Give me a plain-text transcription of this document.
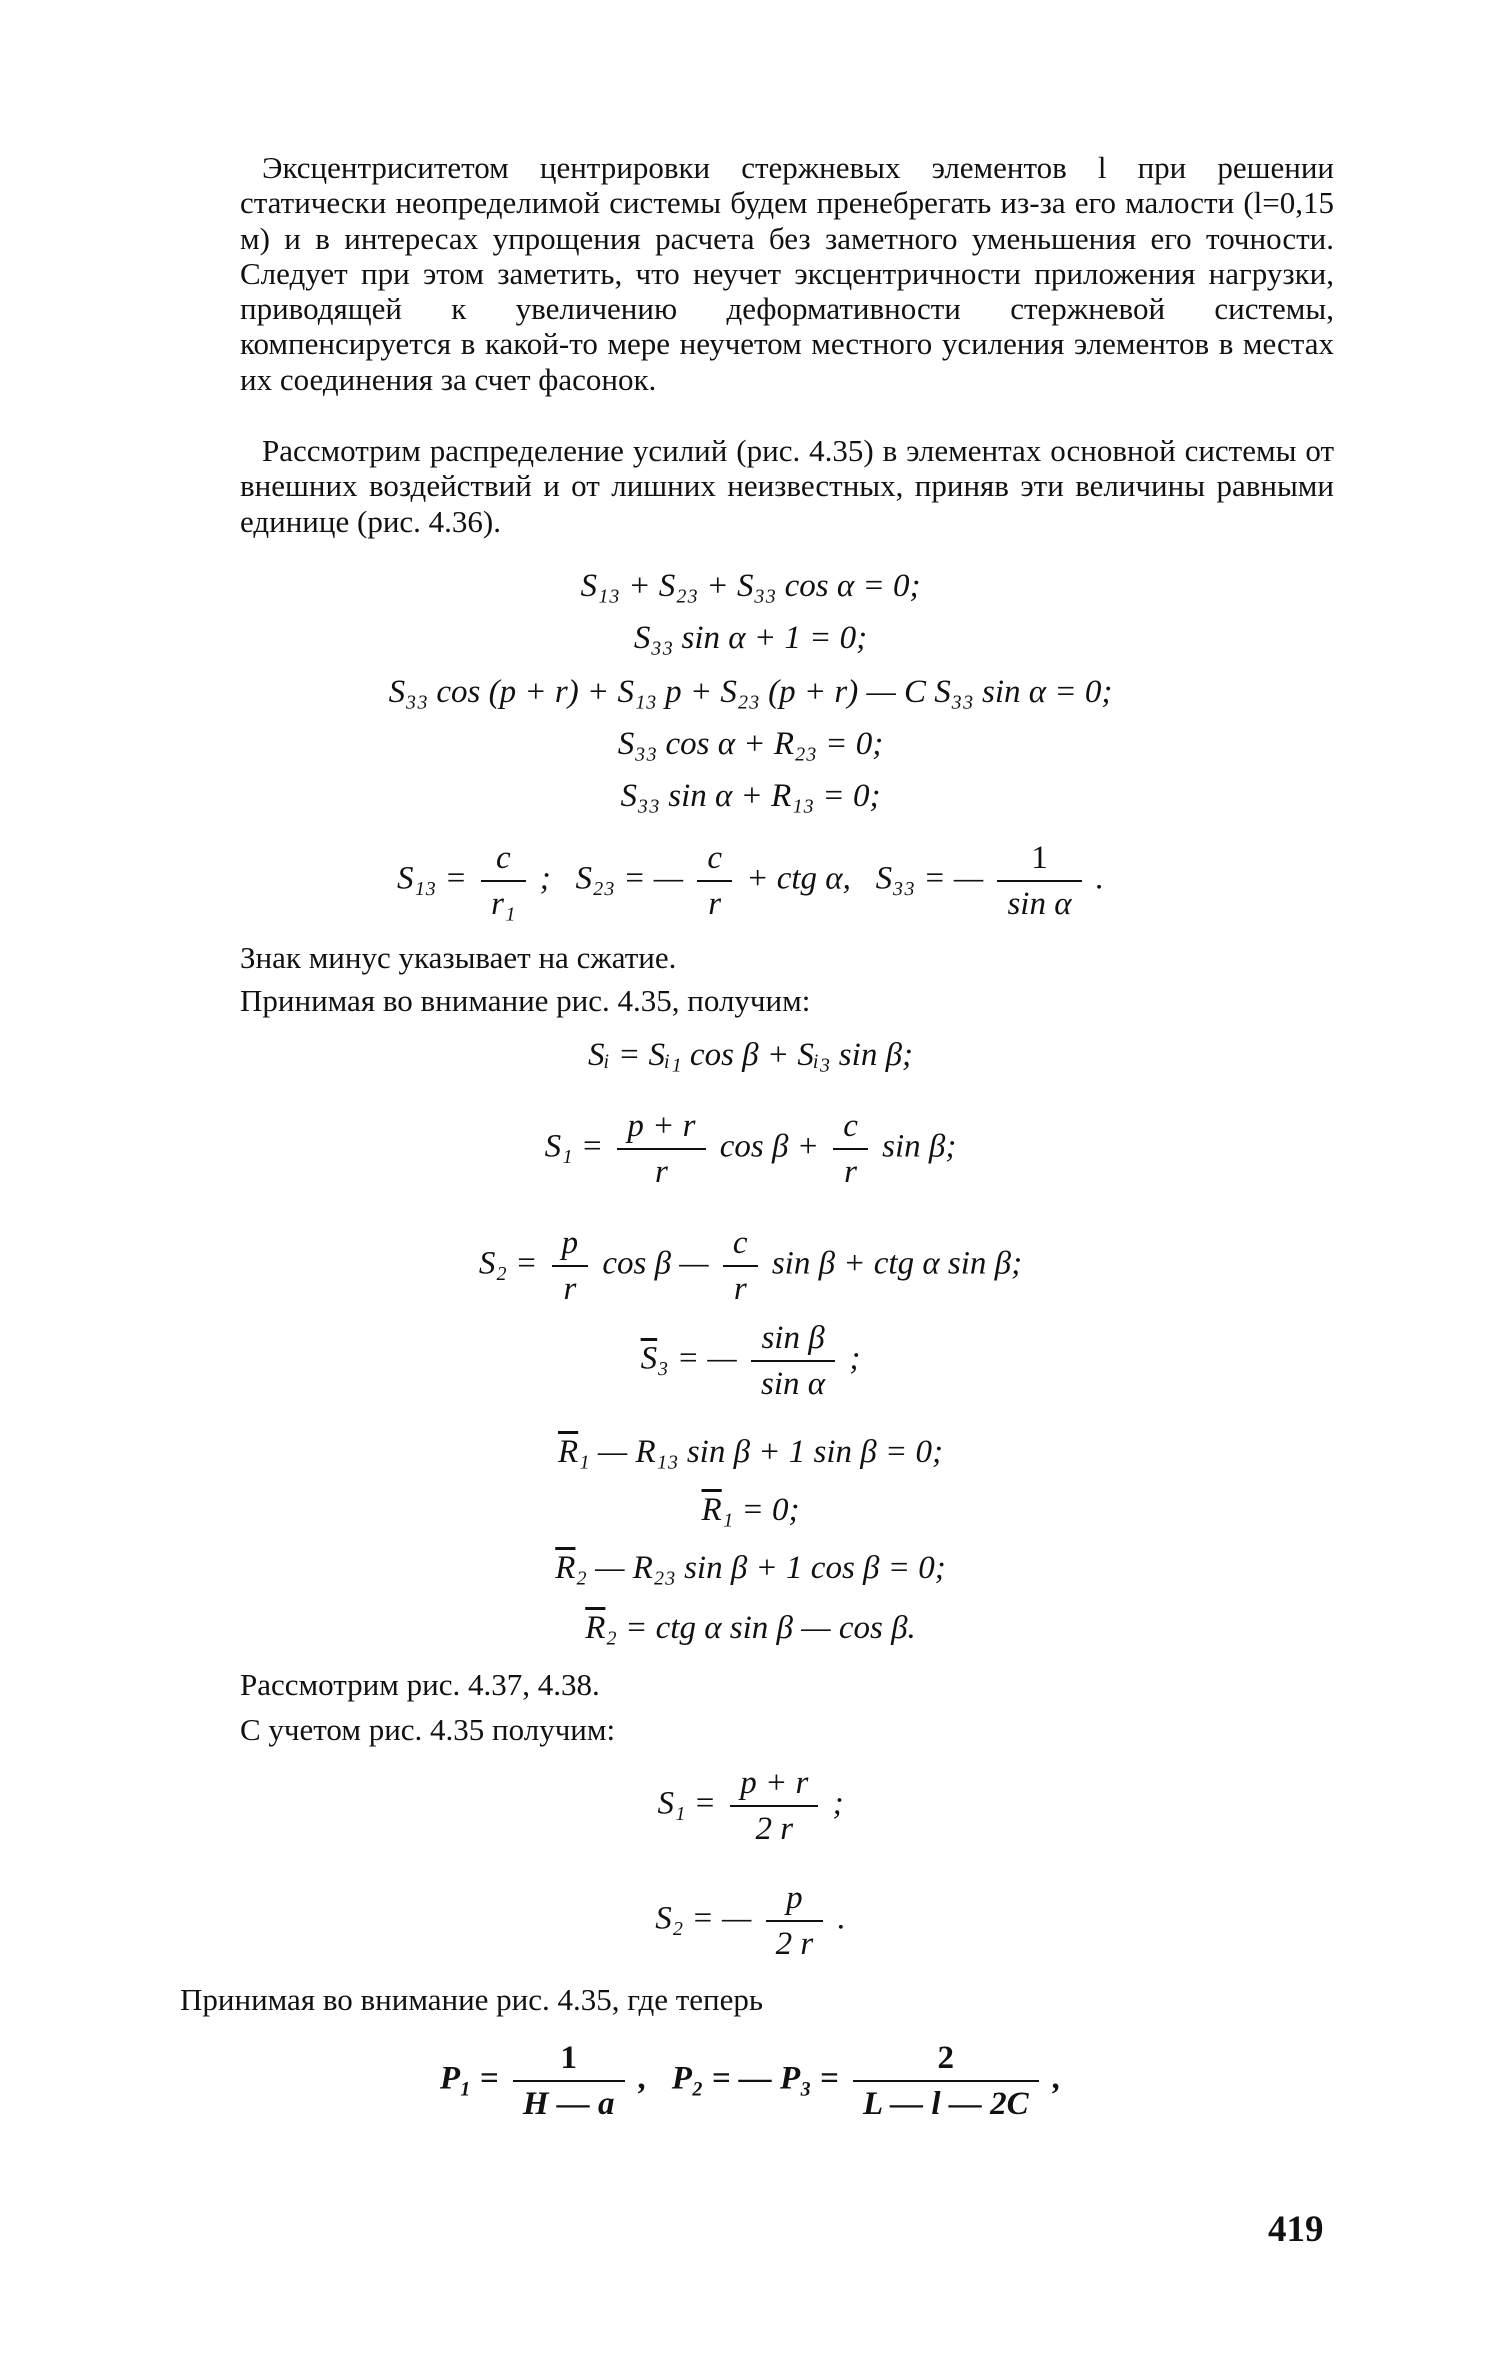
Эксцентриситетом центрировки стержневых элементов l при решении статически неопределимой системы будем пренебрегать из-за его малости (l=0,15 м) и в интересах упрощения расчета без заметного уменьшения его точности. Следует при этом заметить, что неучет эксцентричности приложения нагрузки, приводящей к увеличению деформативности стержневой системы, компенсируется в какой-то мере неучетом местного усиления элементов в местах их соединения за счет фасонок.

Рассмотрим распределение усилий (рис. 4.35) в элементах основной системы от внешних воздействий и от лишних неизвестных, приняв эти величины равными единице (рис. 4.36).

S₁₃ + S₂₃ + S₃₃ cos α = 0;
S₃₃ sin α + 1 = 0;
S₃₃ cos (p + r) + S₁₃ p + S₂₃ (p + r) — C S₃₃ sin α = 0;
S₃₃ cos α + R₂₃ = 0;
S₃₃ sin α + R₁₃ = 0;
$S_{13} = \frac{c}{\text{r₁}}$ ; S₂₃ = — $\frac{c}{r}$ + ctg α, S₃₃ = — $\frac{1}{\text{sin α}}$ .
Знак минус указывает на сжатие.
Принимая во внимание рис. 4.35, получим:
Sᵢ = Sᵢ₁ cos β + Sᵢ₃ sin β;
$S_1 = \frac{p + r}{r}$ $\cos \beta + \frac{c}{r}$ sin β;
$S_2 = \frac{p}{r}$ cos β — $\frac{c}{r}$ sin β + ctg α sin β;
$\overline{S}_3$ = — $\frac{\text{sin β}}{\text{sin α}}$ ;
$\overline{R}_1$ — R₁₃ sin β + 1 sin β = 0;
$\overline{R}_1 = 0$;
$\overline{R}_2$ — R₂₃ sin β + 1 cos β = 0;
$\overline{R}_2$ = ctg α sin β — cos β.
Рассмотрим рис. 4.37, 4.38.
С учетом рис. 4.35 получим:
$S_1 = \frac{p + r}{2 r}$ ;
S₂ = — $\frac{p}{2 r}$ .
Принимая во внимание рис. 4.35, где теперь
$P_1 = \frac{1}{H — a}$ , P₂ = — $P_3 = \frac{2}{L — l — 2C}$ ,
419
